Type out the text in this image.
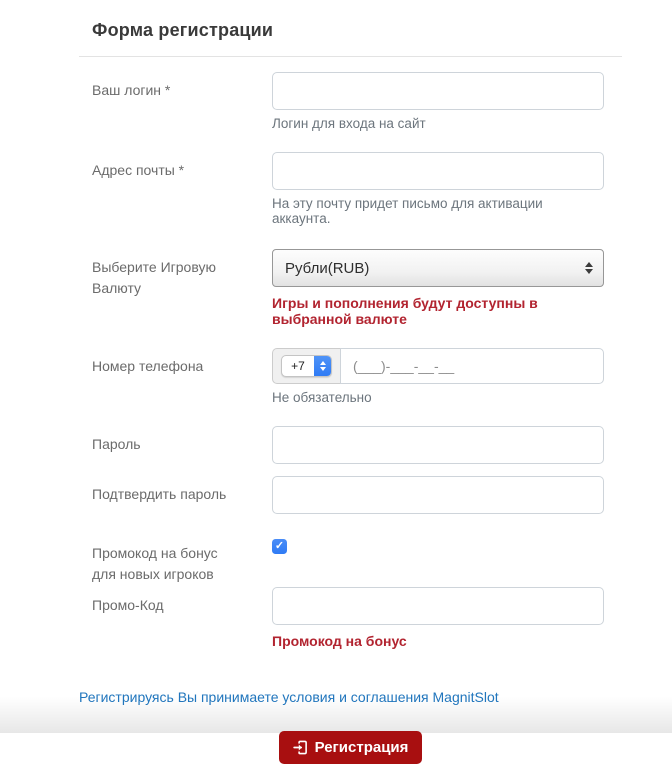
Форма регистрации
Ваш логин *
Логин для входа на сайт
Адрес почты *
На эту почту придет письмо для активации аккаунта.
Выберите Игровую Валюту
Рубли(RUB)
Игры и пополнения будут доступны в выбранной валюте
Номер телефона	+7
(___)-___-__-__
Не обязательно
Пароль
Подтвердить пароль
Промокод на бонус для новых игроков
✓
Промо-Код
Промокод на бонус
Регистрируясь Вы принимаете условия и соглашения MagnitSlot
Регистрация
